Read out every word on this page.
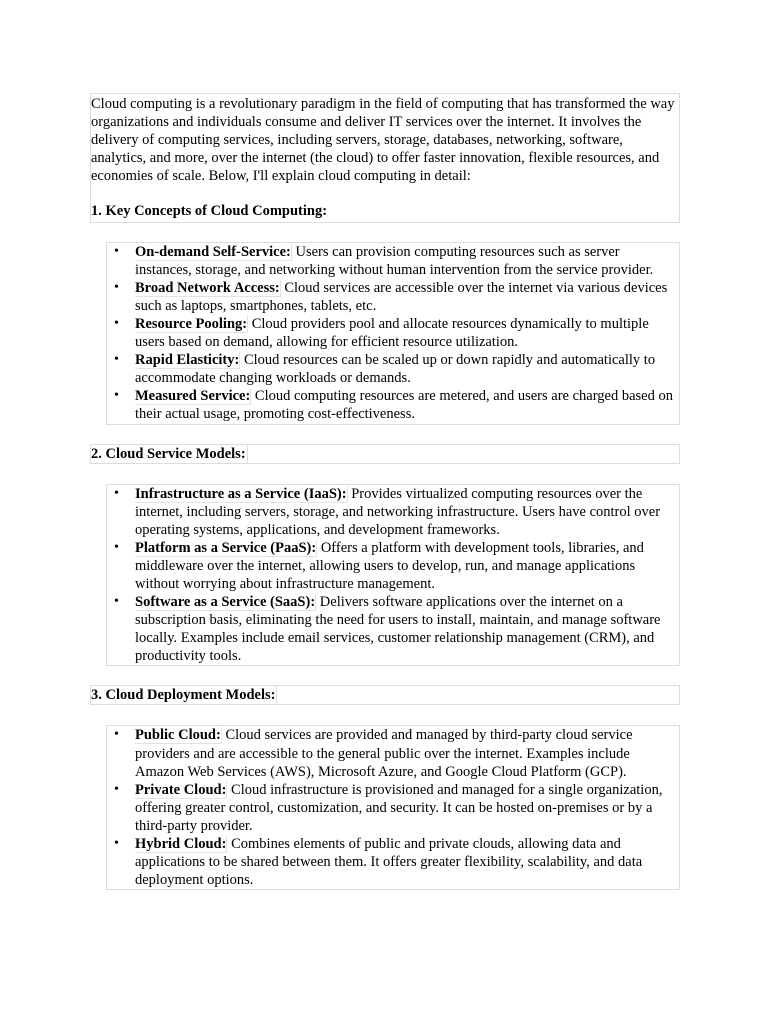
Cloud computing is a revolutionary paradigm in the field of computing that has transformed the way organizations and individuals consume and deliver IT services over the internet. It involves the delivery of computing services, including servers, storage, databases, networking, software, analytics, and more, over the internet (the cloud) to offer faster innovation, flexible resources, and economies of scale. Below, I'll explain cloud computing in detail:

1. Key Concepts of Cloud Computing:

• On-demand Self-Service: Users can provision computing resources such as server instances, storage, and networking without human intervention from the service provider.
• Broad Network Access: Cloud services are accessible over the internet via various devices such as laptops, smartphones, tablets, etc.
• Resource Pooling: Cloud providers pool and allocate resources dynamically to multiple users based on demand, allowing for efficient resource utilization.
• Rapid Elasticity: Cloud resources can be scaled up or down rapidly and automatically to accommodate changing workloads or demands.
• Measured Service: Cloud computing resources are metered, and users are charged based on their actual usage, promoting cost-effectiveness.
2. Cloud Service Models:
• Infrastructure as a Service (IaaS): Provides virtualized computing resources over the internet, including servers, storage, and networking infrastructure. Users have control over operating systems, applications, and development frameworks.
• Platform as a Service (PaaS): Offers a platform with development tools, libraries, and middleware over the internet, allowing users to develop, run, and manage applications without worrying about infrastructure management.
• Software as a Service (SaaS): Delivers software applications over the internet on a subscription basis, eliminating the need for users to install, maintain, and manage software locally. Examples include email services, customer relationship management (CRM), and productivity tools.
3. Cloud Deployment Models:
• Public Cloud: Cloud services are provided and managed by third-party cloud service providers and are accessible to the general public over the internet. Examples include Amazon Web Services (AWS), Microsoft Azure, and Google Cloud Platform (GCP).
• Private Cloud: Cloud infrastructure is provisioned and managed for a single organization, offering greater control, customization, and security. It can be hosted on-premises or by a third-party provider.
• Hybrid Cloud: Combines elements of public and private clouds, allowing data and applications to be shared between them. It offers greater flexibility, scalability, and data deployment options.
